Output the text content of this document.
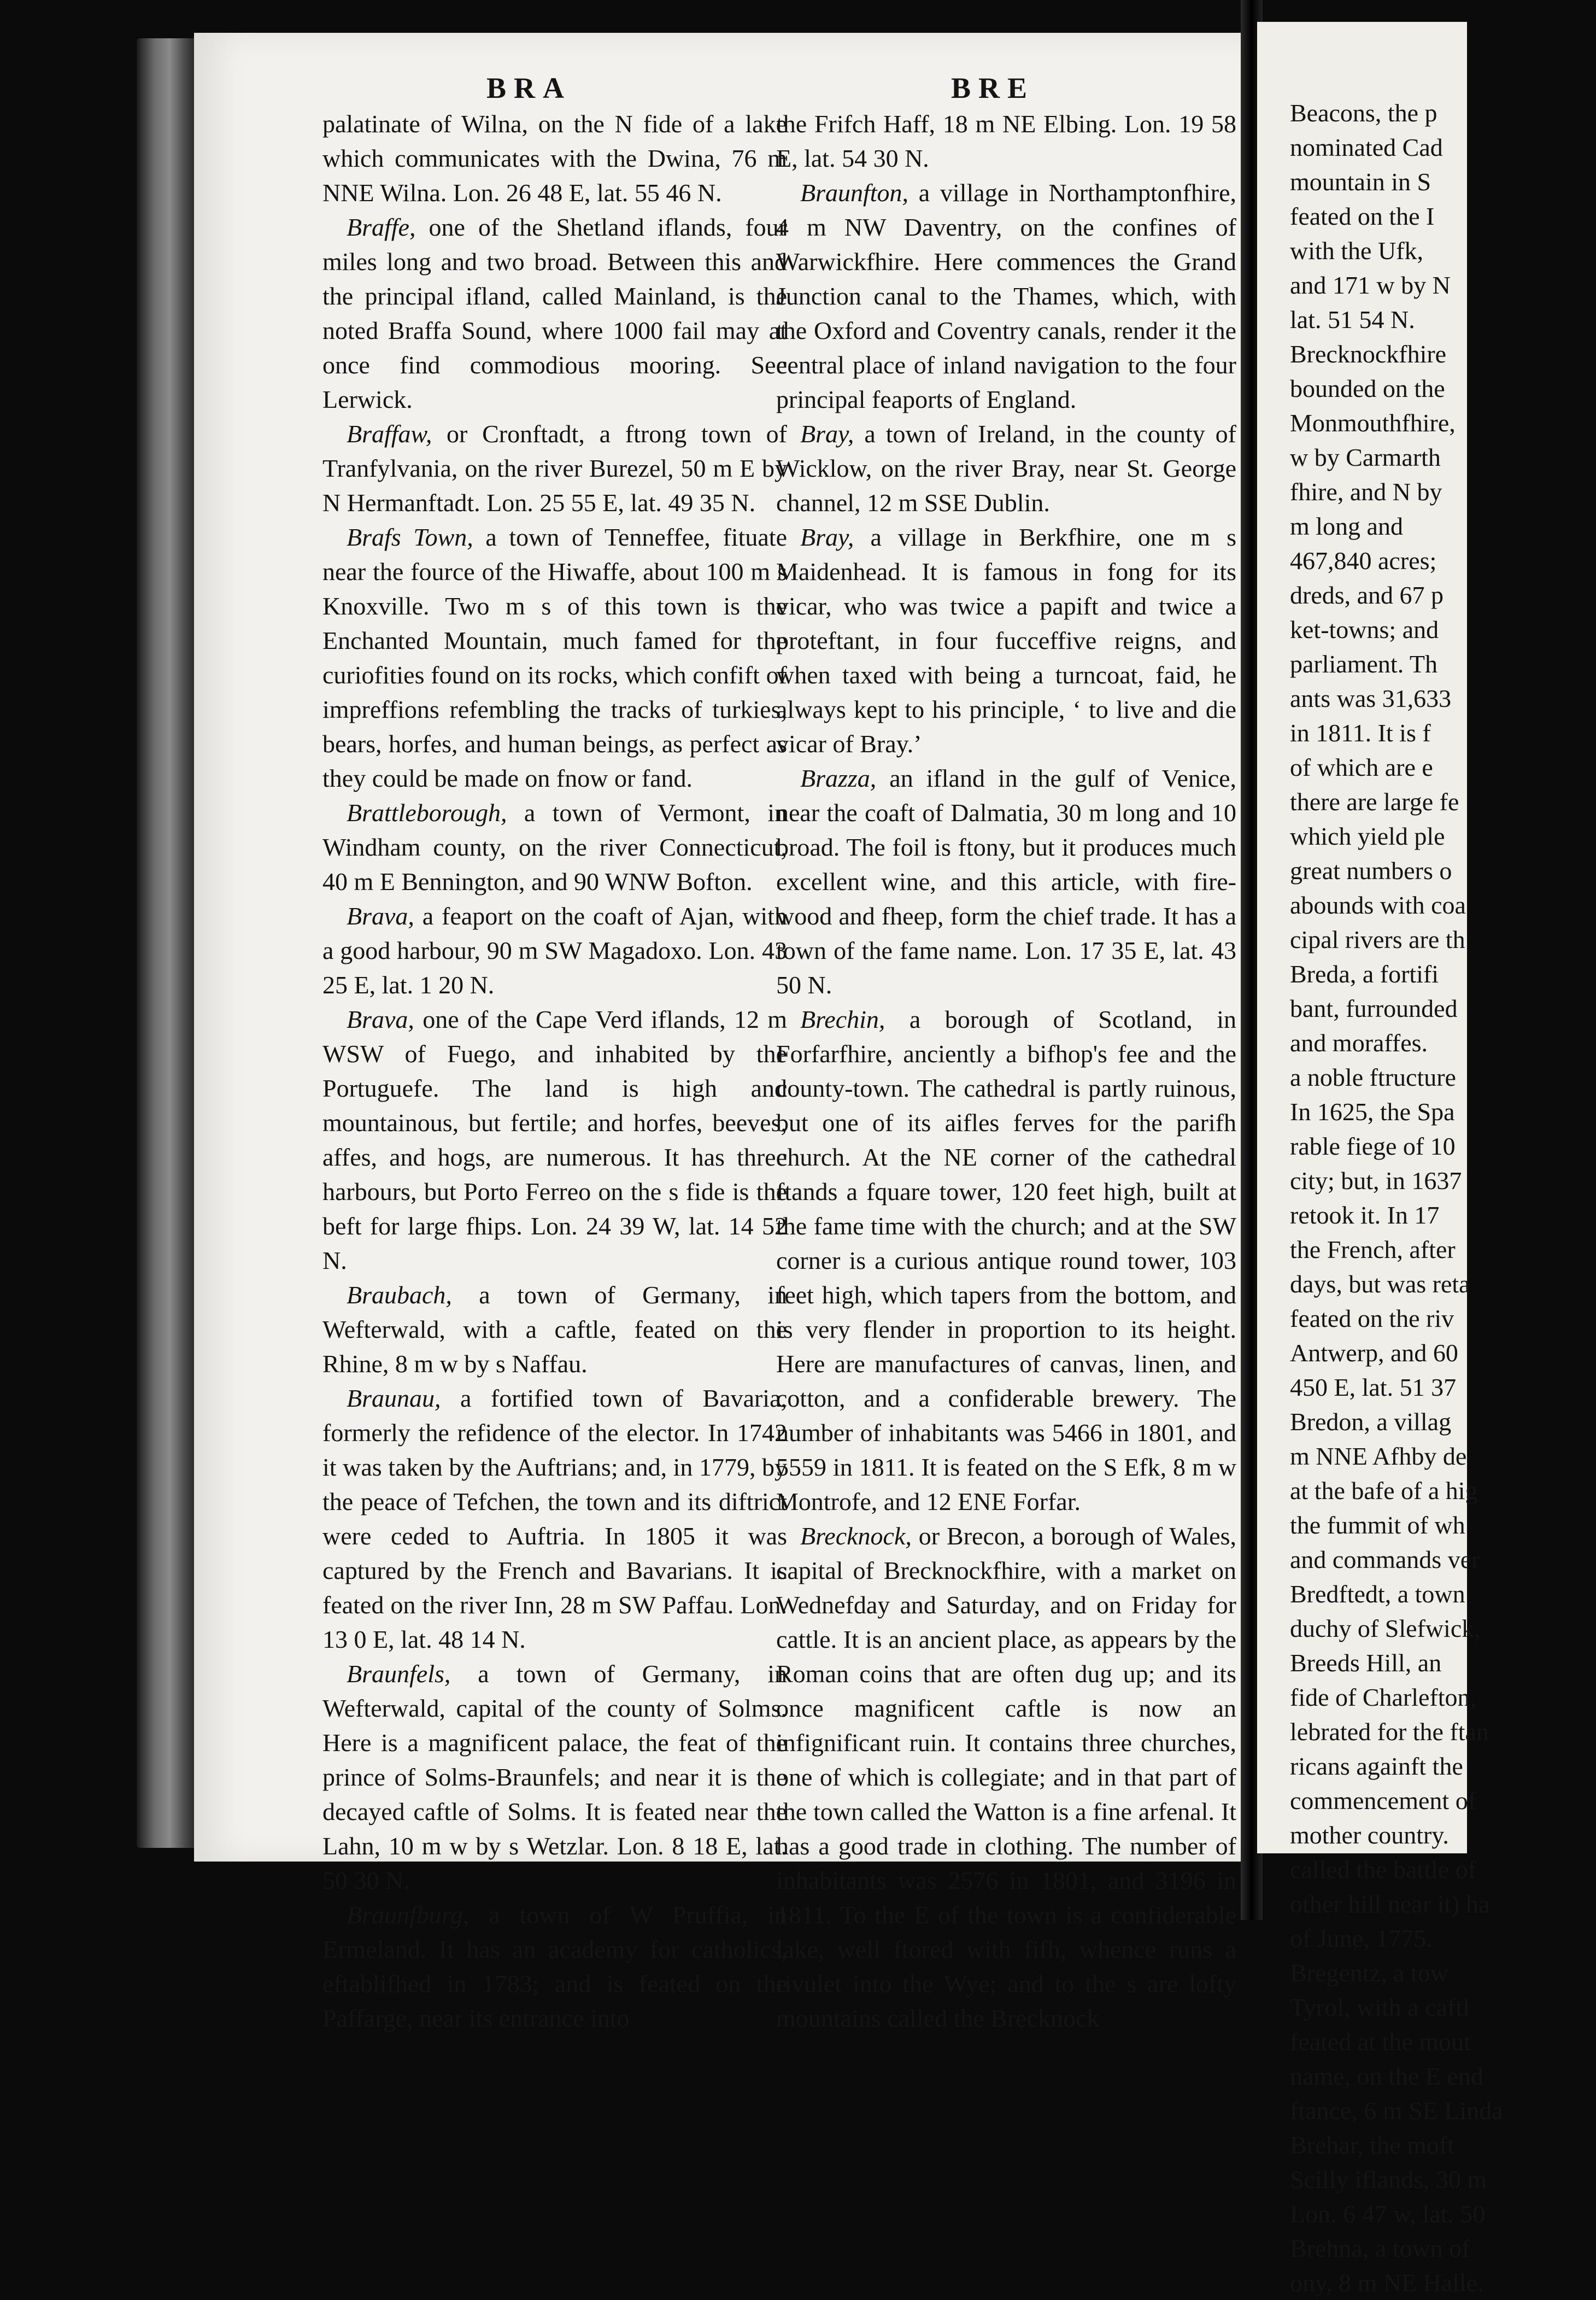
BRA	BRE

palatinate of Wilna, on the N fide of a lake which communicates with the Dwina, 76 m NNE Wilna. Lon. 26 48 E, lat. 55 46 N.

Braffe, one of the Shetland iflands, four miles long and two broad. Between this and the principal ifland, called Mainland, is the noted Braffa Sound, where 1000 fail may at once find commodious mooring. See Lerwick.

Braffaw, or Cronftadt, a ftrong town of Tranfylvania, on the river Burezel, 50 m E by N Hermanftadt. Lon. 25 55 E, lat. 49 35 N.

Brafs Town, a town of Tenneffee, fituate near the fource of the Hiwaffe, about 100 m s Knoxville. Two m s of this town is the Enchanted Mountain, much famed for the curiofities found on its rocks, which confift of impreffions refembling the tracks of turkies, bears, horfes, and human beings, as perfect as they could be made on fnow or fand.

Brattleborough, a town of Vermont, in Windham county, on the river Connecticut, 40 m E Bennington, and 90 WNW Bofton.

Brava, a feaport on the coaft of Ajan, with a good harbour, 90 m SW Magadoxo. Lon. 43 25 E, lat. 1 20 N.

Brava, one of the Cape Verd iflands, 12 m WSW of Fuego, and inhabited by the Portuguefe. The land is high and mountainous, but fertile; and horfes, beeves, affes, and hogs, are numerous. It has three harbours, but Porto Ferreo on the s fide is the beft for large fhips. Lon. 24 39 W, lat. 14 52 N.

Braubach, a town of Germany, in Wefterwald, with a caftle, feated on the Rhine, 8 m w by s Naffau.

Braunau, a fortified town of Bavaria, formerly the refidence of the elector. In 1742 it was taken by the Auftrians; and, in 1779, by the peace of Tefchen, the town and its diftrict were ceded to Auftria. In 1805 it was captured by the French and Bavarians. It is feated on the river Inn, 28 m SW Paffau. Lon. 13 0 E, lat. 48 14 N.

Braunfels, a town of Germany, in Wefterwald, capital of the county of Solms. Here is a magnificent palace, the feat of the prince of Solms-Braunfels; and near it is the decayed caftle of Solms. It is feated near the Lahn, 10 m w by s Wetzlar. Lon. 8 18 E, lat. 50 30 N.

Braunfburg, a town of W Pruffia, in Ermeland. It has an academy for catholics, eftablifhed in 1783; and is feated on the Paffarge, near its entrance into

the Frifch Haff, 18 m NE Elbing. Lon. 19 58 E, lat. 54 30 N.

Braunfton, a village in Northamptonfhire, 4 m NW Daventry, on the confines of Warwickfhire. Here commences the Grand Junction canal to the Thames, which, with the Oxford and Coventry canals, render it the central place of inland navigation to the four principal feaports of England.

Bray, a town of Ireland, in the county of Wicklow, on the river Bray, near St. George channel, 12 m SSE Dublin.

Bray, a village in Berkfhire, one m s Maidenhead. It is famous in fong for its vicar, who was twice a papift and twice a proteftant, in four fucceffive reigns, and when taxed with being a turncoat, faid, he always kept to his principle, ‘ to live and die vicar of Bray.’

Brazza, an ifland in the gulf of Venice, near the coaft of Dalmatia, 30 m long and 10 broad. The foil is ftony, but it produces much excellent wine, and this article, with fire-wood and fheep, form the chief trade. It has a town of the fame name. Lon. 17 35 E, lat. 43 50 N.

Brechin, a borough of Scotland, in Forfarfhire, anciently a bifhop's fee and the county-town. The cathedral is partly ruinous, but one of its aifles ferves for the parifh church. At the NE corner of the cathedral ftands a fquare tower, 120 feet high, built at the fame time with the church; and at the SW corner is a curious antique round tower, 103 feet high, which tapers from the bottom, and is very flender in proportion to its height. Here are manufactures of canvas, linen, and cotton, and a confiderable brewery. The number of inhabitants was 5466 in 1801, and 5559 in 1811. It is feated on the S Efk, 8 m w Montrofe, and 12 ENE Forfar.

Brecknock, or Brecon, a borough of Wales, capital of Brecknockfhire, with a market on Wednefday and Saturday, and on Friday for cattle. It is an ancient place, as appears by the Roman coins that are often dug up; and its once magnificent caftle is now an infignificant ruin. It contains three churches, one of which is collegiate; and in that part of the town called the Watton is a fine arfenal. It has a good trade in clothing. The number of inhabitants was 2576 in 1801, and 3196 in 1811. To the E of the town is a confiderable lake, well ftored with fifh, whence runs a rivulet into the Wye; and to the s are lofty mountains called the Brecknock

Beacons, the p

nominated Cad

mountain in S

feated on the I

with the Ufk,

and 171 w by N

lat. 51 54 N.

Brecknockfhire

bounded on the

Monmouthfhire,

w by Carmarth

fhire, and N by

m long and

467,840 acres;

dreds, and 67 p

ket-towns; and

parliament. Th

ants was 31,633

in 1811. It is f

of which are e

there are large fe

which yield ple

great numbers o

abounds with coa

cipal rivers are th

Breda, a fortifi

bant, furrounded

and moraffes.

a noble ftructure

In 1625, the Spa

rable fiege of 10

city; but, in 1637

retook it. In 17

the French, after

days, but was reta

feated on the riv

Antwerp, and 60

450 E, lat. 51 37

Bredon, a villag

m NNE Afhby de

at the bafe of a hig

the fummit of wh

and commands ver

Bredftedt, a town

duchy of Slefwick,

Breeds Hill, an

fide of Charlefton,

lebrated for the ftan

ricans againft the

commencement of

mother country.

called the battle of

other hill near it) ha

of June, 1775.

Bregentz, a tow

Tyrol, with a caftl

feated at the mout

name, on the E end

ftance, 6 m SE Linda

Brehar, the moft

Scilly iflands, 30 m

Lon. 6 47 w, lat. 50

Brehna, a town of

ony, 8 m NE Halle.
